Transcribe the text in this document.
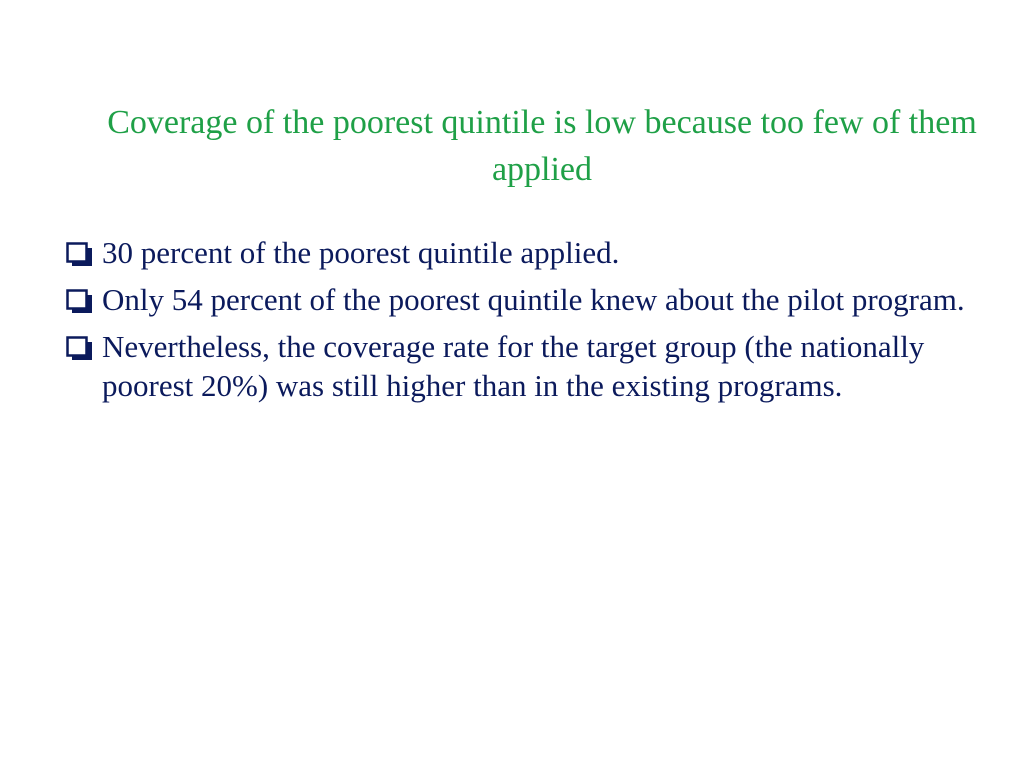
Coverage of the poorest quintile is low because too few of them applied
30 percent of the poorest quintile applied.
Only 54 percent of the poorest quintile knew about the pilot program.
Nevertheless, the coverage rate for the target group (the nationally poorest 20%) was still higher than in the existing programs.
